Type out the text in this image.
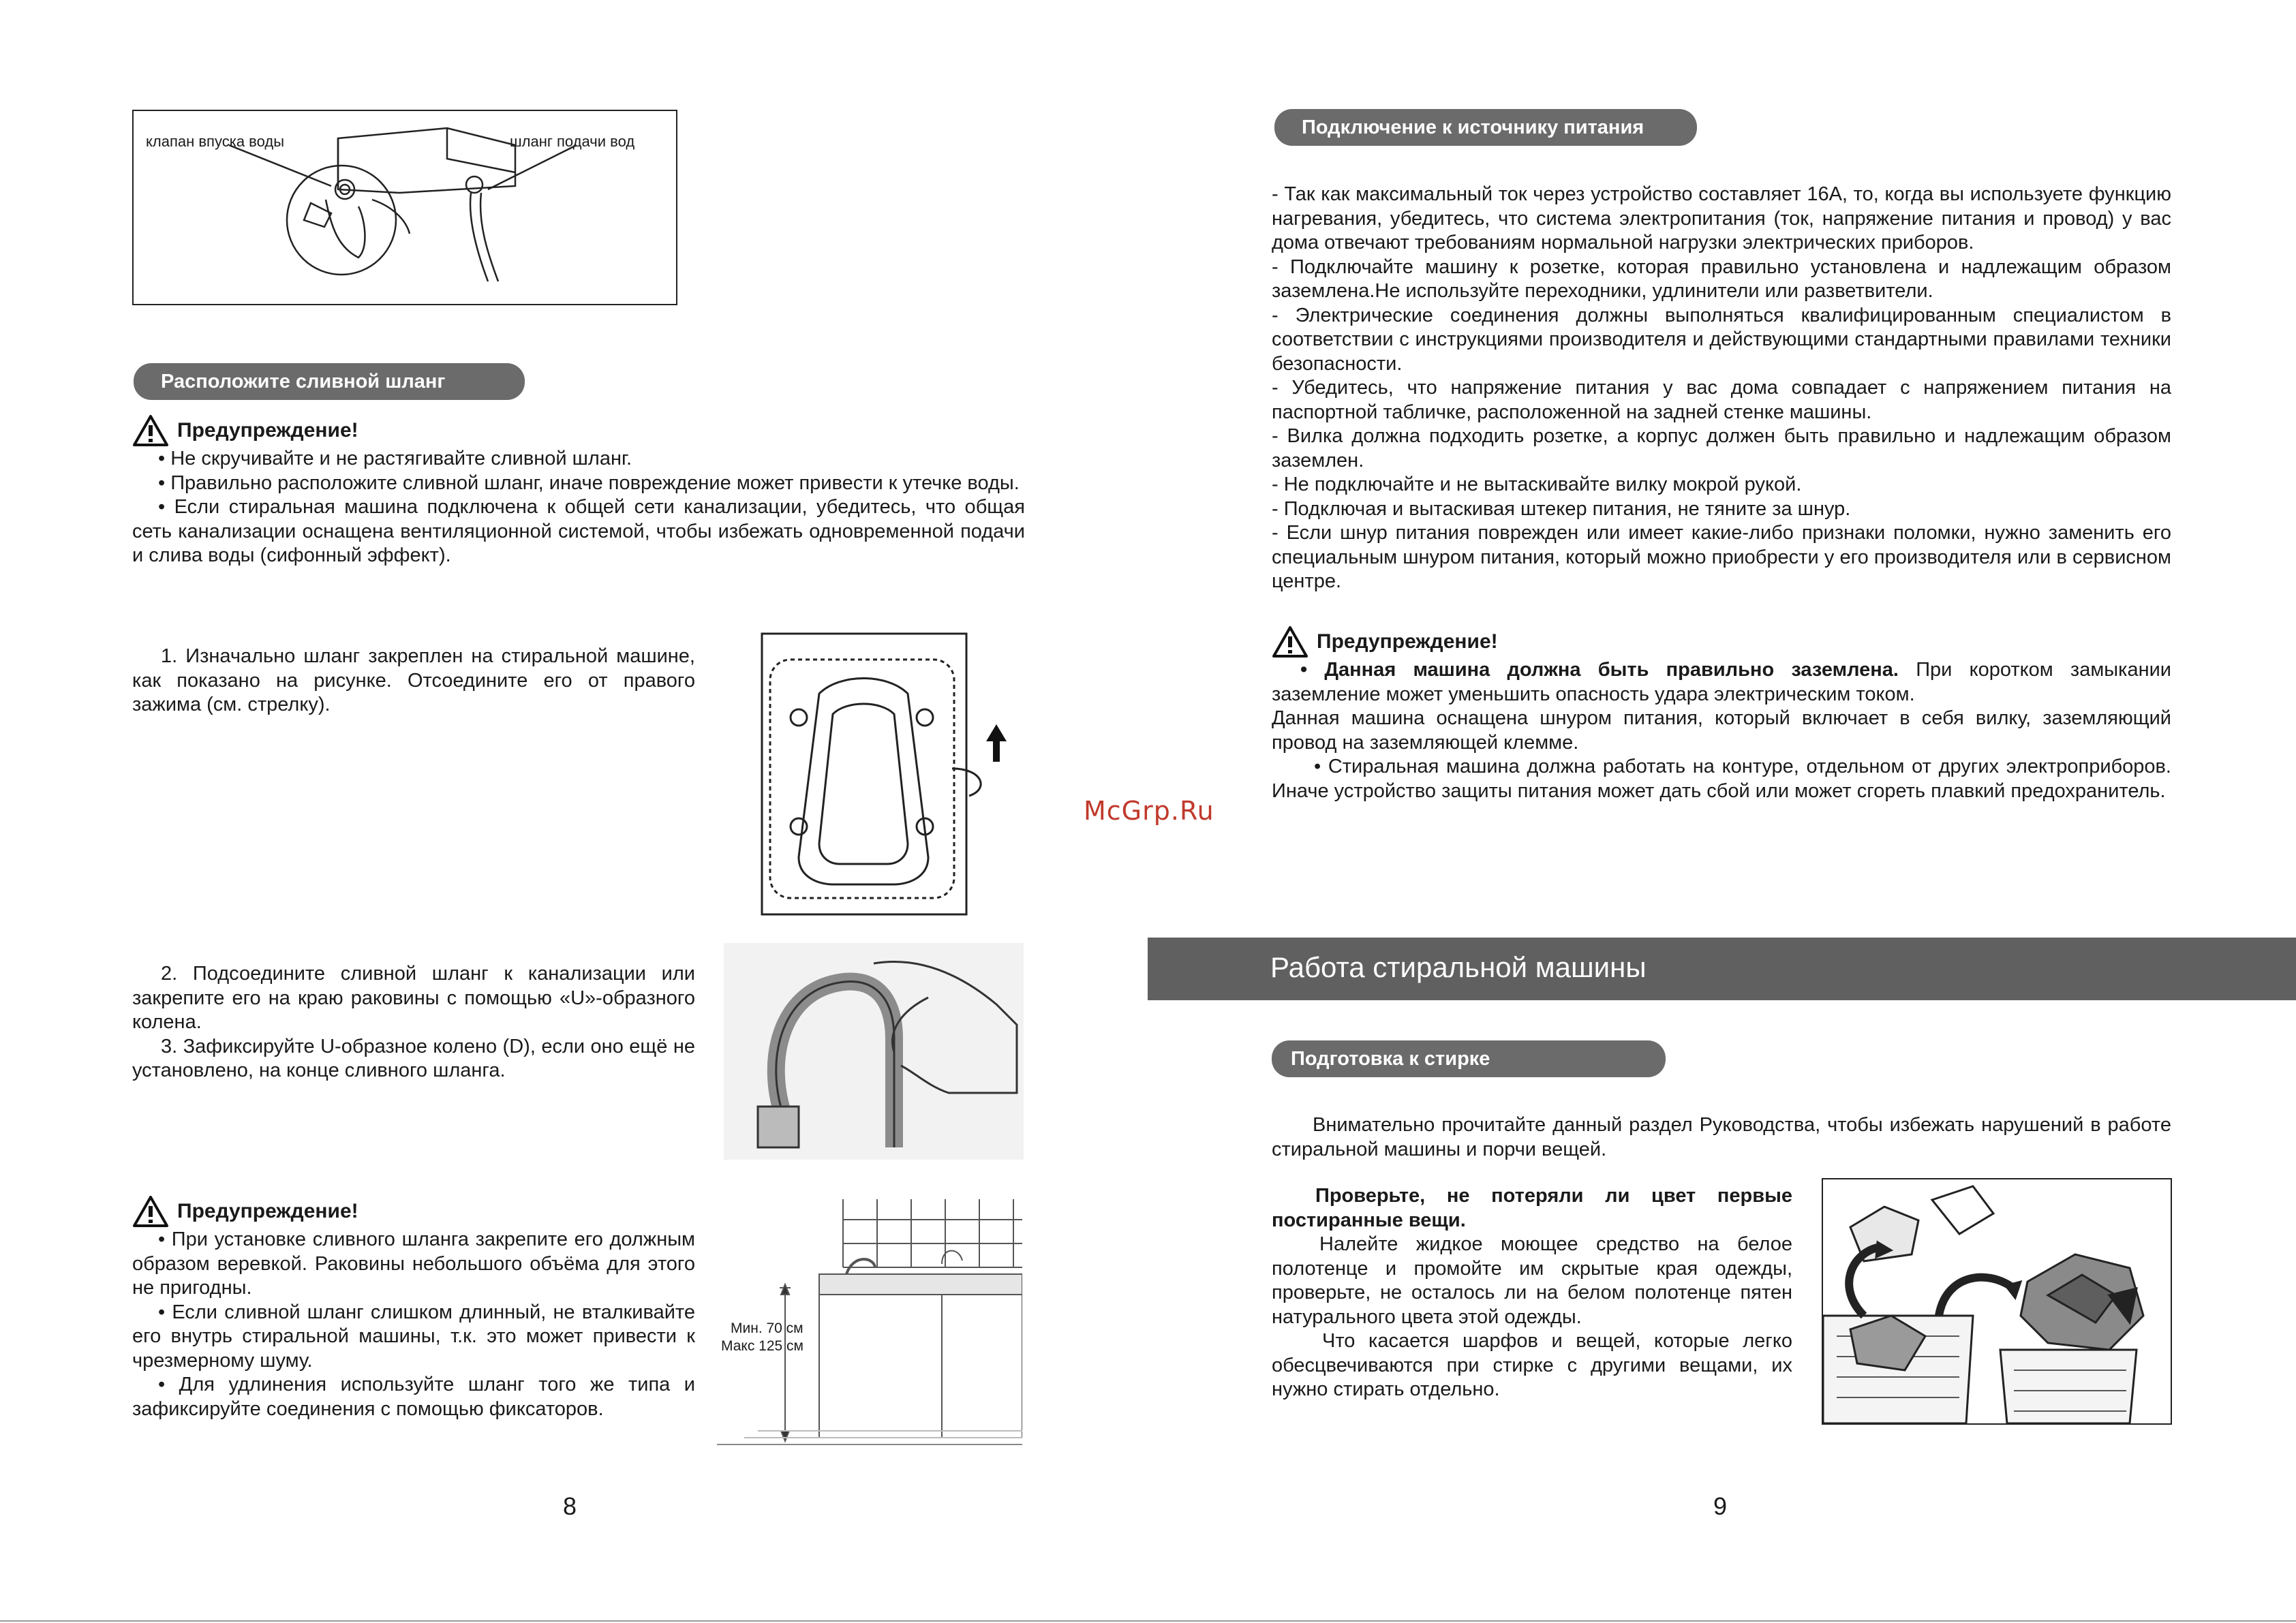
клапан впуска воды	шланг подачи вод
Расположите сливной шланг
Предупреждение!

• Не скручивайте и не растягивайте сливной шланг.

• Правильно расположите сливной шланг, иначе повреждение может привести к утечке воды.

• Если стиральная машина подключена к общей сети канализации, убедитесь, что общая сеть канализации оснащена вентиляционной системой, чтобы избежать одновременной подачи и слива воды (сифонный эффект).

1. Изначально шланг закреплен на стиральной машине, как показано на рисунке. Отсоедините его от правого зажима (см. стрелку).

2. Подсоедините сливной шланг к канализации или закрепите его на краю раковины с помощью «U»-образного колена.

3. Зафиксируйте U-образное колено (D), если оно ещё не установлено, на конце сливного шланга.

Предупреждение!

• При установке сливного шланга закрепите его должным образом веревкой. Раковины небольшого объёма для этого не пригодны.

• Если сливной шланг слишком длинный, не вталкивайте его внутрь стиральной машины, т.к. это может привести к чрезмерному шуму.

• Для удлинения используйте шланг того же типа и зафиксируйте соединения с помощью фиксаторов.

Мин. 70 см
Макс 125 см
8
McGrp.Ru
Подключение к источнику питания

- Так как максимальный ток через устройство составляет 16А, то, когда вы используете функцию нагревания, убедитесь, что система электропитания (ток, напряжение питания и провод) у вас дома отвечают требованиям нормальной нагрузки электрических приборов.

- Подключайте машину к розетке, которая правильно установлена и надлежащим образом заземлена.Не используйте переходники, удлинители или разветвители.

- Электрические соединения должны выполняться квалифицированным специалистом в соответствии с инструкциями производителя и действующими стандартными правилами техники безопасности.

- Убедитесь, что напряжение питания у вас дома совпадает с напряжением питания на паспортной табличке, расположенной на задней стенке машины.

- Вилка должна подходить розетке, а корпус должен быть правильно и надлежащим образом заземлен.

- Не подключайте и не вытаскивайте вилку мокрой рукой.

- Подключая и вытаскивая штекер питания, не тяните за шнур.

- Если шнур питания поврежден или имеет какие-либо признаки поломки, нужно заменить его специальным шнуром питания, который можно приобрести у его производителя или в сервисном центре.

Предупреждение!

• Данная машина должна быть правильно заземлена. При коротком замыкании заземление может уменьшить опасность удара электрическим током.

Данная машина оснащена шнуром питания, который включает в себя вилку, заземляющий провод на заземляющей клемме.

• Стиральная машина должна работать на контуре, отдельном от других электроприборов. Иначе устройство защиты питания может дать сбой или может сгореть плавкий предохранитель.

Работа стиральной машины
Подготовка к стирке
Внимательно прочитайте данный раздел Руководства, чтобы избежать нарушений в работе стиральной машины и порчи вещей.

Проверьте, не потеряли ли цвет первые постиранные вещи.

Налейте жидкое моющее средство на белое полотенце и промойте им скрытые края одежды, проверьте, не осталось ли на белом полотенце пятен натурального цвета этой одежды.

Что касается шарфов и вещей, которые легко обесцвечиваются при стирке с другими вещами, их нужно стирать отдельно.

9
